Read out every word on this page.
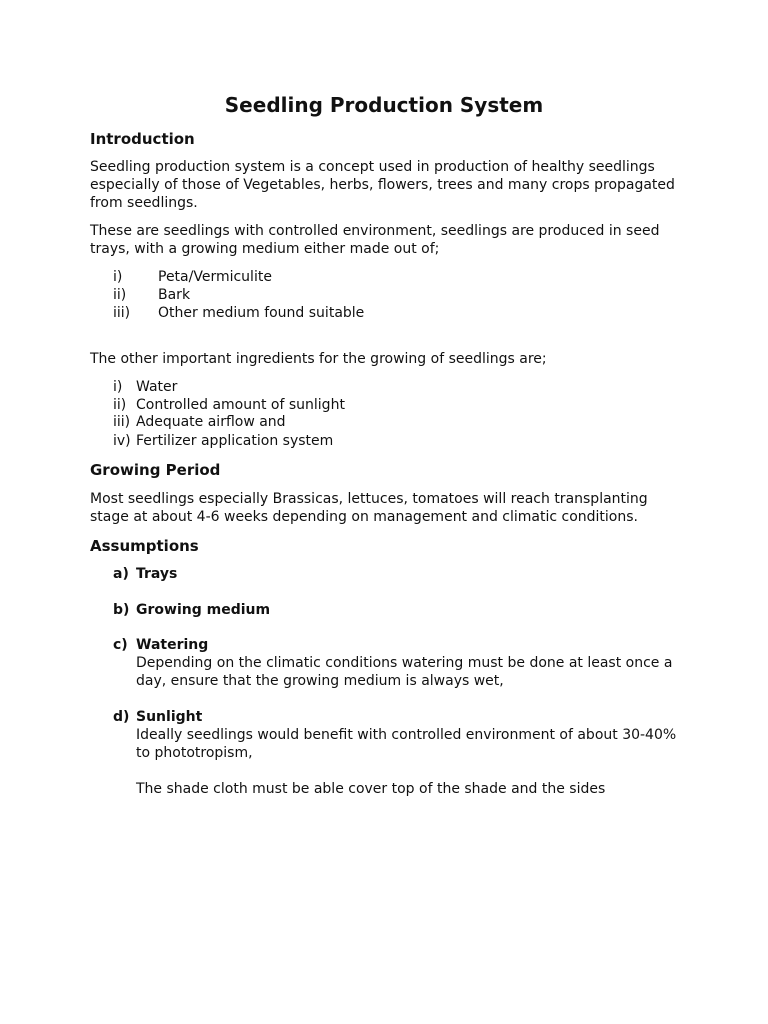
Seedling Production System
Introduction

Seedling production system is a concept used in production of healthy seedlings especially of those of Vegetables, herbs, flowers, trees and many crops propagated from seedlings.

These are seedlings with controlled environment, seedlings are produced in seed trays, with a growing medium either made out of;

i)	Peta/Vermiculite
ii) Bark
iii) Other medium found suitable

The other important ingredients for the growing of seedlings are;

i) Water
ii) Controlled amount of sunlight
iii) Adequate airflow and
iv) Fertilizer application system
Growing Period

Most seedlings especially Brassicas, lettuces, tomatoes will reach transplanting stage at about 4-6 weeks depending on management and climatic conditions.

Assumptions
a) Trays
b) Growing medium
c) Watering
Depending on the climatic conditions watering must be done at least once a day, ensure that the growing medium is always wet,
d) Sunlight
Ideally seedlings would benefit with controlled environment of about 30-40% to phototropism,
The shade cloth must be able cover top of the shade and the sides
